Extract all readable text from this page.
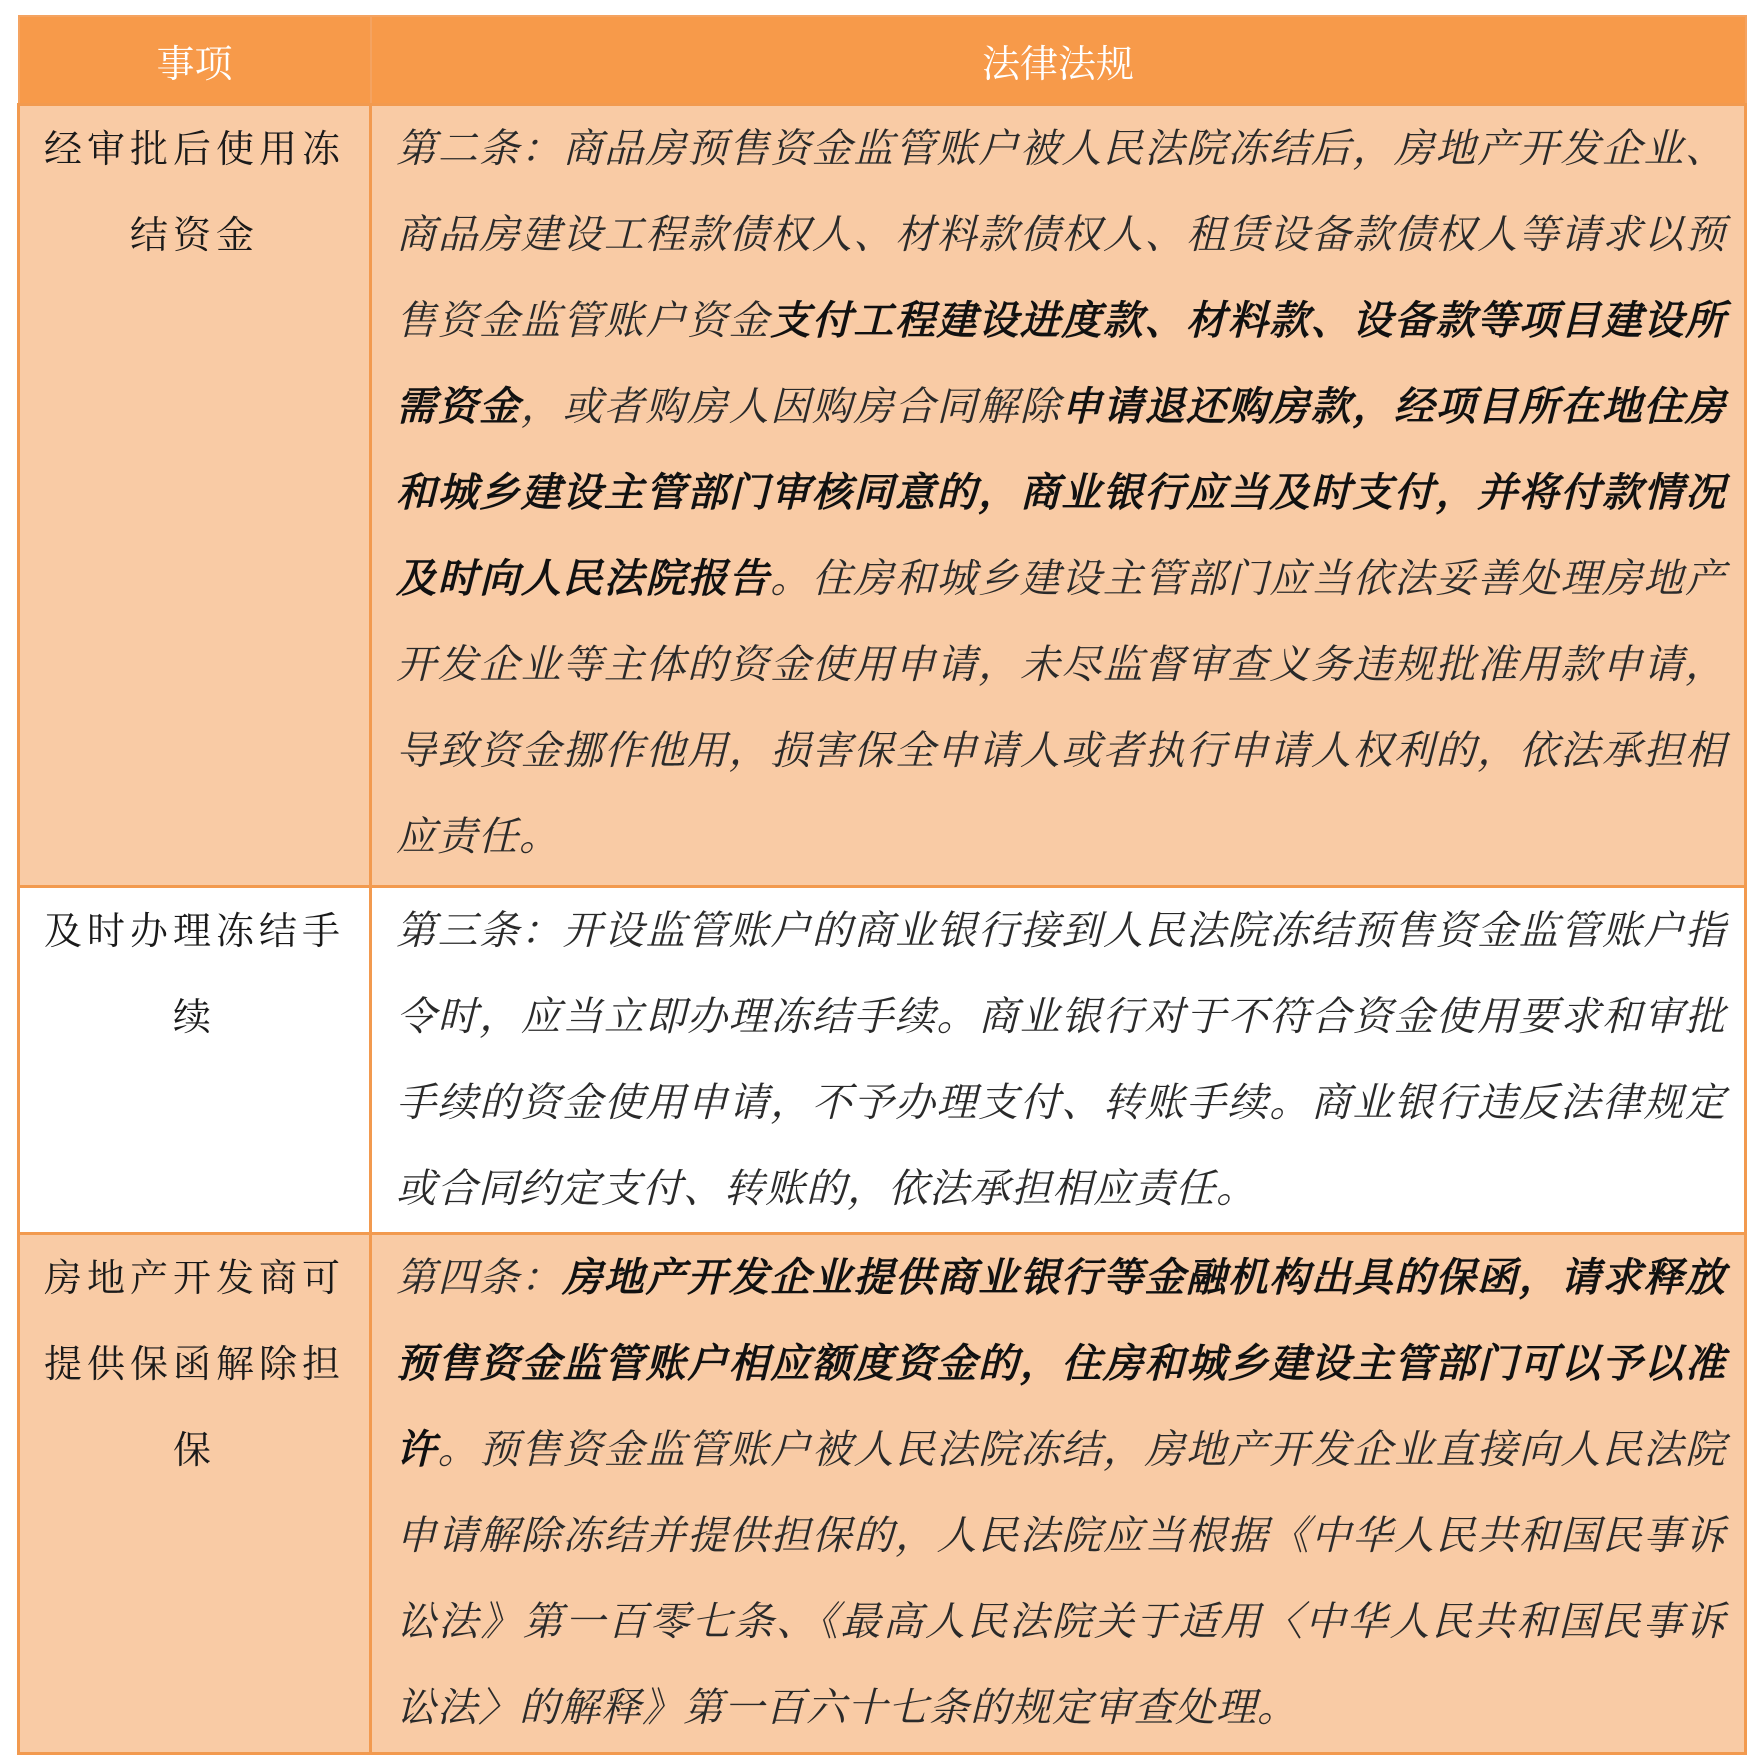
事项	法律法规

经审批后使用冻结资金	第二条：商品房预售资金监管账户被人民法院冻结后，房地产开发企业、商品房建设工程款债权人、材料款债权人、租赁设备款债权人等请求以预售资金监管账户资金支付工程建设进度款、材料款、设备款等项目建设所需资金，或者购房人因购房合同解除申请退还购房款，经项目所在地住房和城乡建设主管部门审核同意的，商业银行应当及时支付，并将付款情况及时向人民法院报告。住房和城乡建设主管部门应当依法妥善处理房地产开发企业等主体的资金使用申请，未尽监督审查义务违规批准用款申请，导致资金挪作他用，损害保全申请人或者执行申请人权利的，依法承担相应责任。

及时办理冻结手续	第三条：开设监管账户的商业银行接到人民法院冻结预售资金监管账户指令时，应当立即办理冻结手续。商业银行对于不符合资金使用要求和审批手续的资金使用申请，不予办理支付、转账手续。商业银行违反法律规定或合同约定支付、转账的，依法承担相应责任。

房地产开发商可提供保函解除担保	第四条：房地产开发企业提供商业银行等金融机构出具的保函，请求释放预售资金监管账户相应额度资金的，住房和城乡建设主管部门可以予以准许。预售资金监管账户被人民法院冻结，房地产开发企业直接向人民法院申请解除冻结并提供担保的，人民法院应当根据《中华人民共和国民事诉讼法》第一百零七条、《最高人民法院关于适用〈中华人民共和国民事诉讼法〉的解释》第一百六十七条的规定审查处理。
